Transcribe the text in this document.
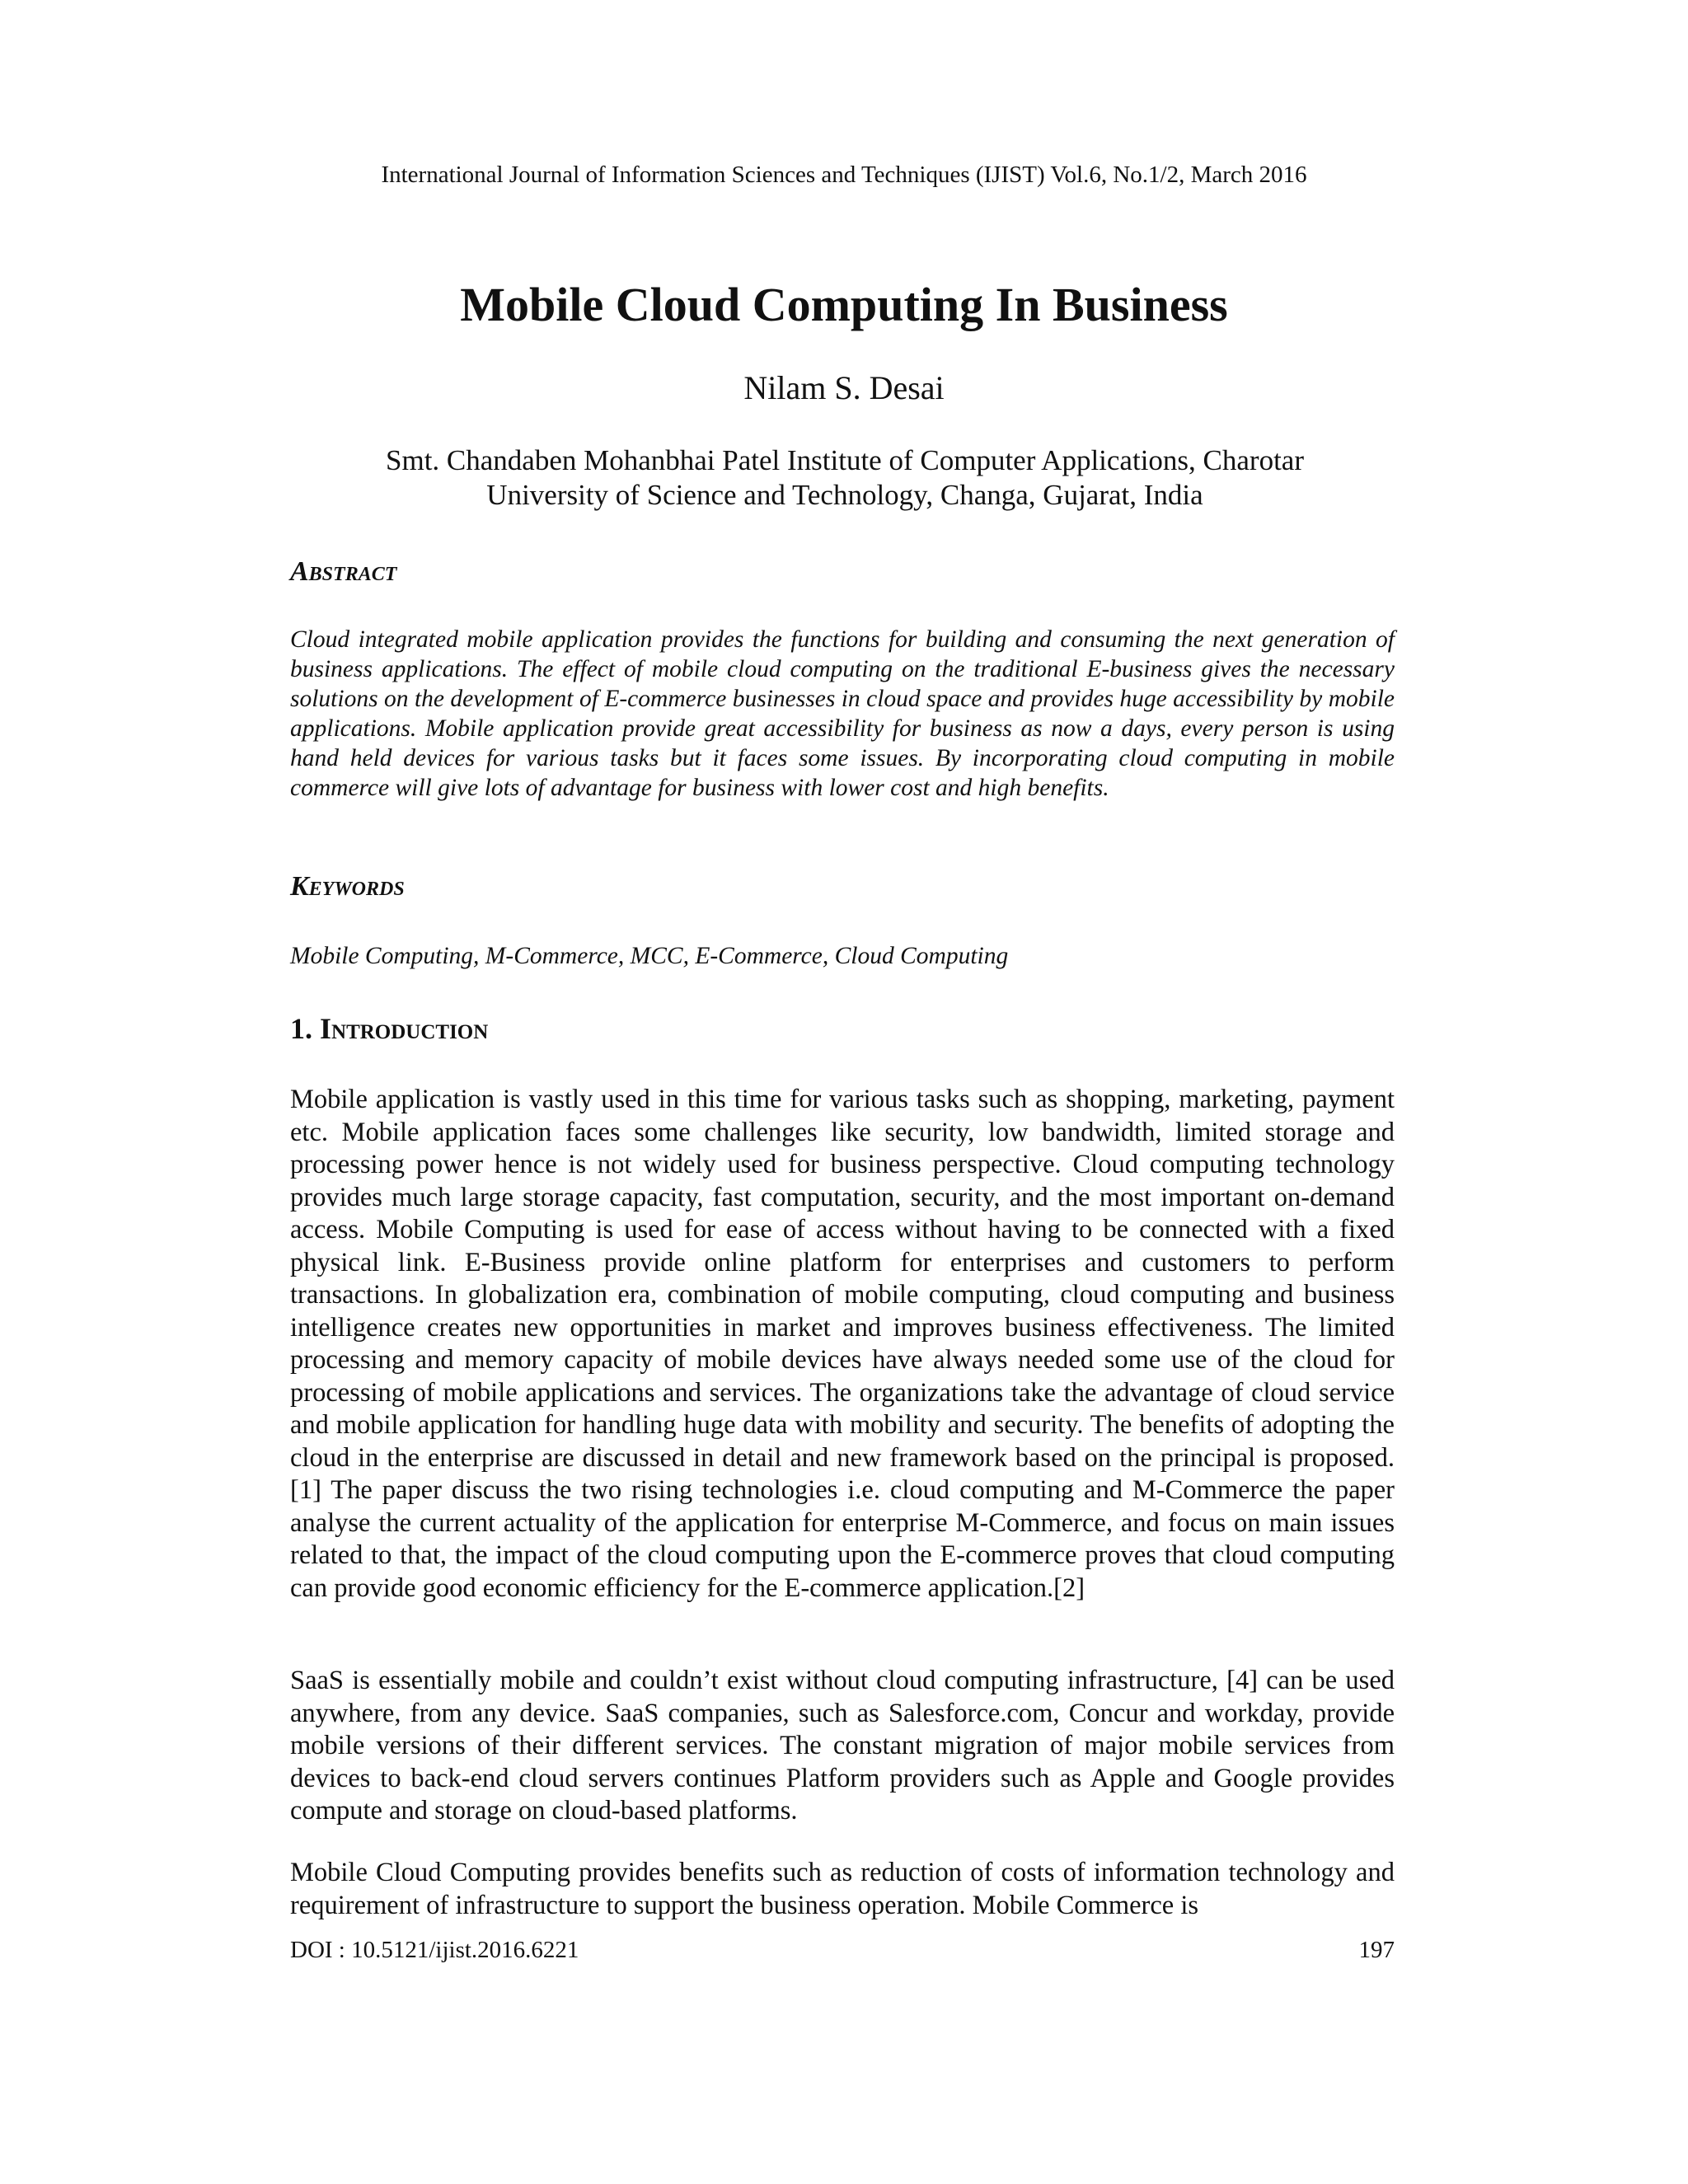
International Journal of Information Sciences and Techniques (IJIST) Vol.6, No.1/2, March 2016
Mobile Cloud Computing In Business
Nilam S. Desai
Smt. Chandaben Mohanbhai Patel Institute of Computer Applications, Charotar
University of Science and Technology, Changa, Gujarat, India
Abstract

Cloud integrated mobile application provides the functions for building and consuming the next generation of business applications. The effect of mobile cloud computing on the traditional E-business gives the necessary solutions on the development of E-commerce businesses in cloud space and provides huge accessibility by mobile applications. Mobile application provide great accessibility for business as now a days, every person is using hand held devices for various tasks but it faces some issues. By incorporating cloud computing in mobile commerce will give lots of advantage for business with lower cost and high benefits.

Keywords

Mobile Computing, M-Commerce, MCC, E-Commerce, Cloud Computing

1. Introduction

Mobile application is vastly used in this time for various tasks such as shopping, marketing, payment etc. Mobile application faces some challenges like security, low bandwidth, limited storage and processing power hence is not widely used for business perspective. Cloud computing technology provides much large storage capacity, fast computation, security, and the most important on-demand access. Mobile Computing is used for ease of access without having to be connected with a fixed physical link. E-Business provide online platform for enterprises and customers to perform transactions. In globalization era, combination of mobile computing, cloud computing and business intelligence creates new opportunities in market and improves business effectiveness. The limited processing and memory capacity of mobile devices have always needed some use of the cloud for processing of mobile applications and services. The organizations take the advantage of cloud service and mobile application for handling huge data with mobility and security. The benefits of adopting the cloud in the enterprise are discussed in detail and new framework based on the principal is proposed. [1] The paper discuss the two rising technologies i.e. cloud computing and M-Commerce the paper analyse the current actuality of the application for enterprise M-Commerce, and focus on main issues related to that, the impact of the cloud computing upon the E-commerce proves that cloud computing can provide good economic efficiency for the E-commerce application.[2]

SaaS is essentially mobile and couldn’t exist without cloud computing infrastructure, [4] can be used anywhere, from any device. SaaS companies, such as Salesforce.com, Concur and workday, provide mobile versions of their different services. The constant migration of major mobile services from devices to back-end cloud servers continues Platform providers such as Apple and Google provides compute and storage on cloud-based platforms.

Mobile Cloud Computing provides benefits such as reduction of costs of information technology and requirement of infrastructure to support the business operation. Mobile Commerce is

DOI : 10.5121/ijist.2016.6221	197
